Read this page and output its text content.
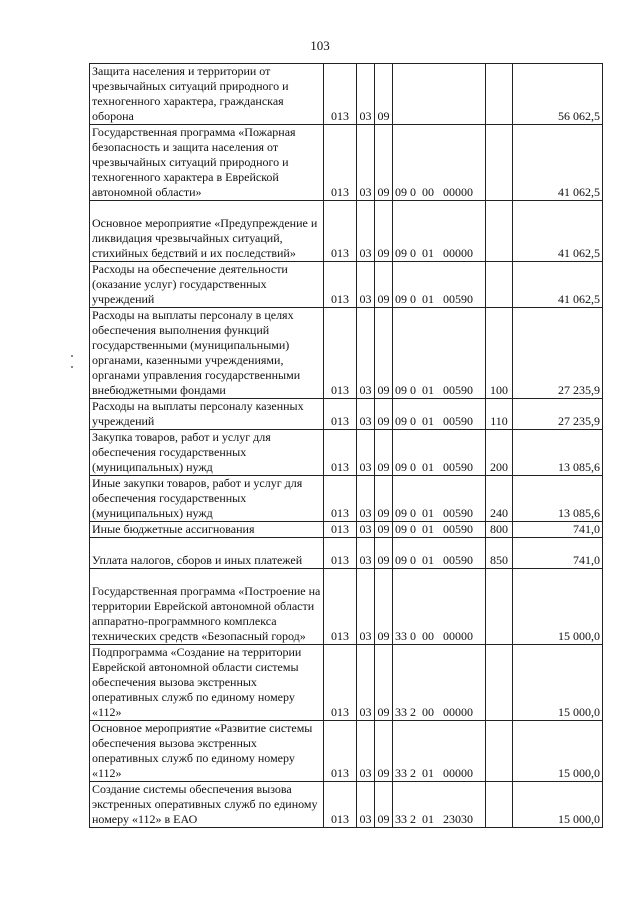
103
Защита населения и территории от чрезвычайных ситуаций природного и техногенного характера, гражданская оборона	013	03	09			56 062,5
Государственная программа «Пожарная безопасность и защита населения от чрезвычайных ситуаций природного и техногенного характера в Еврейской автономной области»	013	03	09	09 0  00   00000		41 062,5
Основное мероприятие «Предупреждение и ликвидация чрезвычайных ситуаций, стихийных бедствий и их последствий»	013	03	09	09 0  01   00000		41 062,5
Расходы на обеспечение деятельности (оказание услуг) государственных учреждений	013	03	09	09 0  01   00590		41 062,5
Расходы на выплаты персоналу в целях обеспечения выполнения функций государственными (муниципальными) органами, казенными учреждениями, органами управления государственными внебюджетными фондами	013	03	09	09 0  01   00590	100	27 235,9
Расходы на выплаты персоналу казенных учреждений	013	03	09	09 0  01   00590	110	27 235,9
Закупка товаров, работ и услуг для обеспечения государственных (муниципальных) нужд	013	03	09	09 0  01   00590	200	13 085,6
Иные закупки товаров, работ и услуг для обеспечения государственных (муниципальных) нужд	013	03	09	09 0  01   00590	240	13 085,6
Иные бюджетные ассигнования	013	03	09	09 0  01   00590	800	741,0
Уплата налогов, сборов и иных платежей	013	03	09	09 0  01   00590	850	741,0
Государственная программа «Построение на территории Еврейской автономной области аппаратно-программного комплекса технических средств «Безопасный город»	013	03	09	33 0  00   00000		15 000,0
Подпрограмма «Создание на территории Еврейской автономной области системы обеспечения вызова экстренных оперативных служб по единому номеру «112»	013	03	09	33 2  00   00000		15 000,0
Основное мероприятие «Развитие системы обеспечения вызова экстренных оперативных служб по единому номеру «112»	013	03	09	33 2  01   00000		15 000,0
Создание системы обеспечения вызова экстренных оперативных служб по единому номеру «112» в ЕАО	013	03	09	33 2  01   23030		15 000,0
